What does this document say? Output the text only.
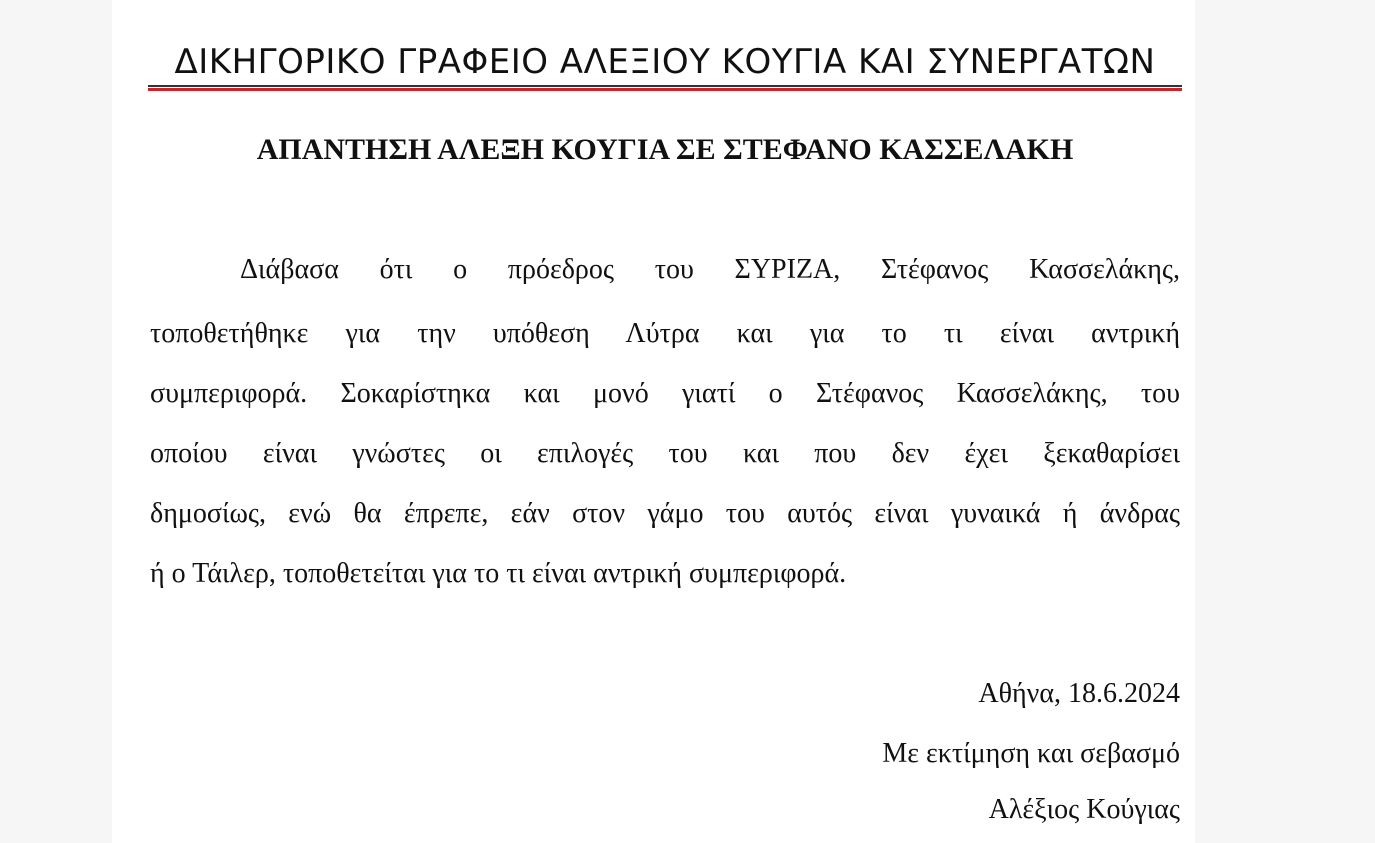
ΔΙΚΗΓΟΡΙΚΟ ΓΡΑΦΕΙΟ ΑΛΕΞΙΟΥ ΚΟΥΓΙΑ ΚΑΙ ΣΥΝΕΡΓΑΤΩΝ
ΑΠΑΝΤΗΣΗ ΑΛΕΞΗ ΚΟΥΓΙΑ ΣΕ ΣΤΕΦΑΝΟ ΚΑΣΣΕΛΑΚΗ
Διάβασα ότι ο πρόεδρος του ΣΥΡΙΖΑ, Στέφανος Κασσελάκης,
τοποθετήθηκε για την υπόθεση Λύτρα και για το τι είναι αντρική
συμπεριφορά. Σοκαρίστηκα και μονό γιατί ο Στέφανος Κασσελάκης, του
οποίου είναι γνώστες οι επιλογές του και που δεν έχει ξεκαθαρίσει
δημοσίως, ενώ θα έπρεπε, εάν στον γάμο του αυτός είναι γυναικά ή άνδρας
ή ο Τάιλερ, τοποθετείται για το τι είναι αντρική συμπεριφορά.
Αθήνα, 18.6.2024
Με εκτίμηση και σεβασμό
Αλέξιος Κούγιας
